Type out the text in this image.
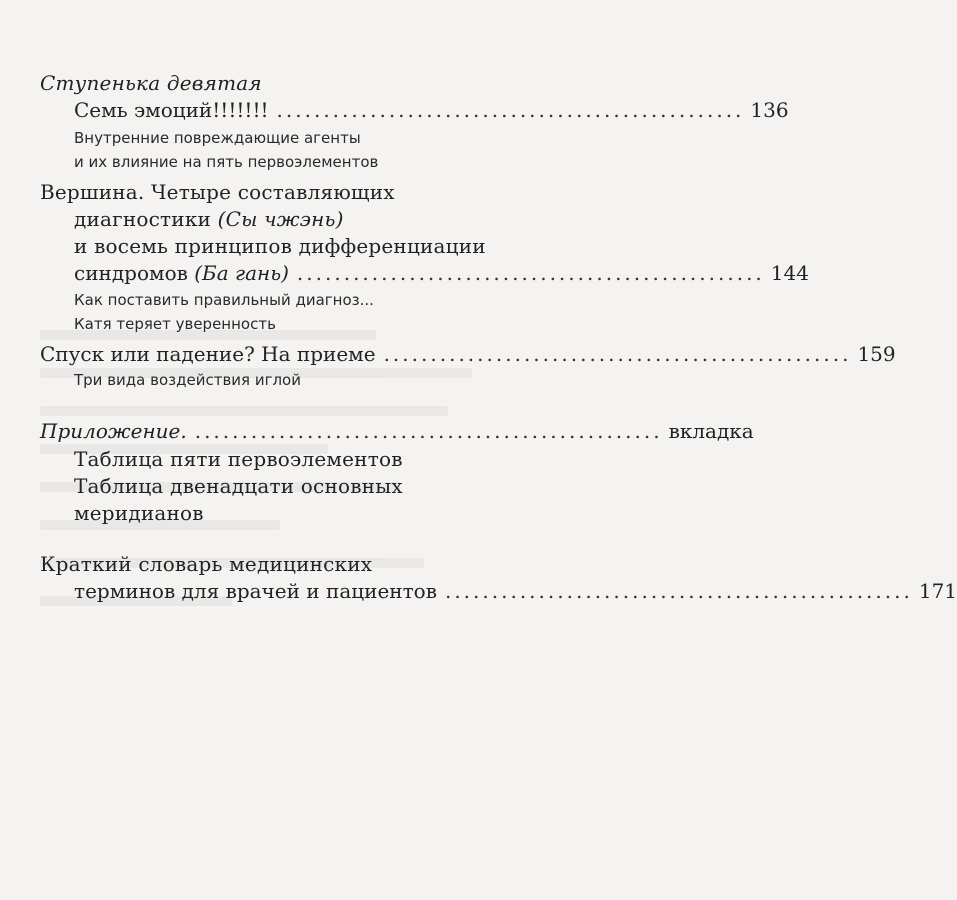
Ступенька девятая
Семь эмоций!!!!!!! .................................................. 136
Внутренние повреждающие агенты
и их влияние на пять первоэлементов
Вершина. Четыре составляющих
диагностики (Сы чжэнь)
и восемь принципов дифференциации
синдромов (Ба гань) .................................................. 144
Как поставить правильный диагноз...
Катя теряет уверенность
Спуск или падение? На приеме .................................................. 159
Три вида воздействия иглой
Приложение. .................................................. вкладка
Таблица пяти первоэлементов
Таблица двенадцати основных
меридианов
Краткий словарь медицинских
терминов для врачей и пациентов .................................................. 171
